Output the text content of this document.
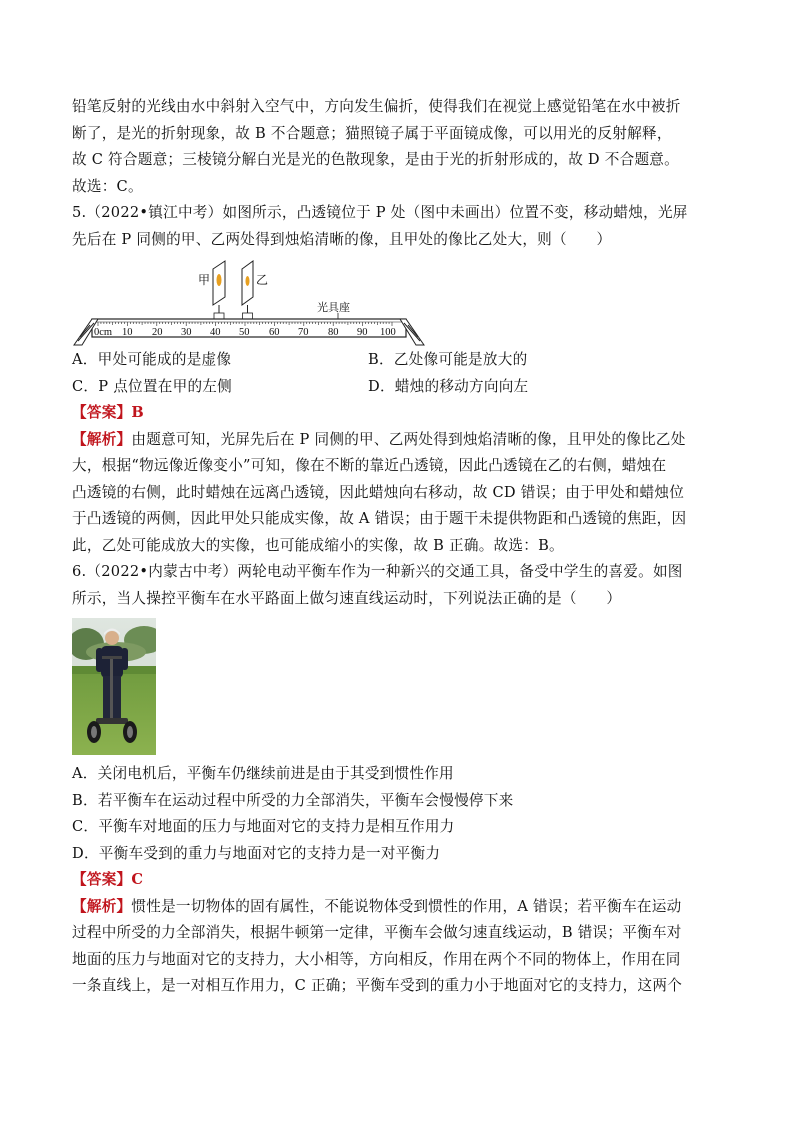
铅笔反射的光线由水中斜射入空气中，方向发生偏折，使得我们在视觉上感觉铅笔在水中被折
断了，是光的折射现象，故 B 不合题意；猫照镜子属于平面镜成像，可以用光的反射解释，
故 C 符合题意；三棱镜分解白光是光的色散现象，是由于光的折射形成的，故 D 不合题意。
故选：C。
5.（2022•镇江中考）如图所示，凸透镜位于 P 处（图中未画出）位置不变，移动蜡烛，光屏
先后在 P 同侧的甲、乙两处得到烛焰清晰的像，且甲处的像比乙处大，则（　　）
甲	乙
光具座
0cm 10 20 30 40 50 60 70 80 90 100
A．甲处可能成的是虚像	B．乙处像可能是放大的
C．P 点位置在甲的左侧	D．蜡烛的移动方向向左
【答案】B
【解析】由题意可知，光屏先后在 P 同侧的甲、乙两处得到烛焰清晰的像，且甲处的像比乙处
大，根据“物远像近像变小”可知，像在不断的靠近凸透镜，因此凸透镜在乙的右侧，蜡烛在
凸透镜的右侧，此时蜡烛在远离凸透镜，因此蜡烛向右移动，故 CD 错误；由于甲处和蜡烛位
于凸透镜的两侧，因此甲处只能成实像，故 A 错误；由于题干未提供物距和凸透镜的焦距，因
此，乙处可能成放大的实像，也可能成缩小的实像，故 B 正确。故选：B。
6.（2022•内蒙古中考）两轮电动平衡车作为一种新兴的交通工具，备受中学生的喜爱。如图
所示，当人操控平衡车在水平路面上做匀速直线运动时，下列说法正确的是（　　）
A．关闭电机后，平衡车仍继续前进是由于其受到惯性作用
B．若平衡车在运动过程中所受的力全部消失，平衡车会慢慢停下来
C．平衡车对地面的压力与地面对它的支持力是相互作用力
D．平衡车受到的重力与地面对它的支持力是一对平衡力
【答案】C
【解析】惯性是一切物体的固有属性，不能说物体受到惯性的作用，A 错误；若平衡车在运动
过程中所受的力全部消失，根据牛顿第一定律，平衡车会做匀速直线运动，B 错误；平衡车对
地面的压力与地面对它的支持力，大小相等，方向相反，作用在两个不同的物体上，作用在同
一条直线上，是一对相互作用力，C 正确；平衡车受到的重力小于地面对它的支持力，这两个
